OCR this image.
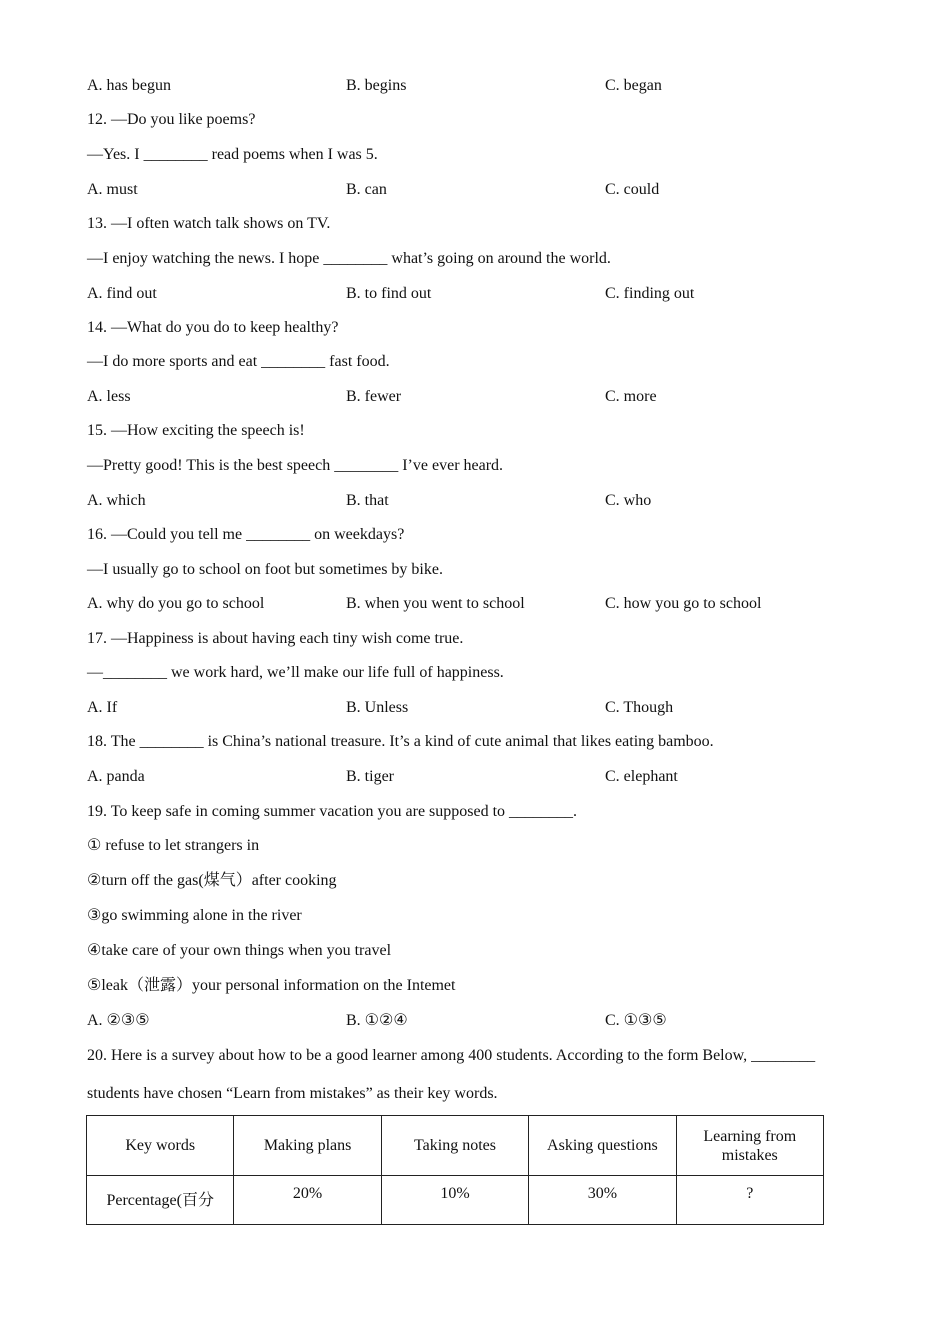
A. has begun	B. begins	C. began
12. —Do you like poems?
—Yes. I ________ read poems when I was 5.
A. must	B. can	C. could
13. —I often watch talk shows on TV.
—I enjoy watching the news. I hope ________ what’s going on around the world.
A. find out	B. to find out	C. finding out
14. —What do you do to keep healthy?
—I do more sports and eat ________ fast food.
A. less	B. fewer	C. more
15. —How exciting the speech is!
—Pretty good! This is the best speech ________ I’ve ever heard.
A. which	B. that	C. who
16. —Could you tell me ________ on weekdays?
—I usually go to school on foot but sometimes by bike.
A. why do you go to school	B. when you went to school	C. how you go to school
17. —Happiness is about having each tiny wish come true.
—________ we work hard, we’ll make our life full of happiness.
A. If	B. Unless	C. Though
18. The ________ is China’s national treasure. It’s a kind of cute animal that likes eating bamboo.
A. panda	B. tiger	C. elephant
19. To keep safe in coming summer vacation you are supposed to ________.
① refuse to let strangers in
②turn off the gas(煤气）after cooking
③go swimming alone in the river
④take care of your own things when you travel
⑤leak（泄露）your personal information on the Intemet
A. ②③⑤	B. ①②④	C. ①③⑤
20. Here is a survey about how to be a good learner among 400 students. According to the form Below, ________
students have chosen “Learn from mistakes” as their key words.
Key words	Making plans	Taking notes	Asking questions	Learning from mistakes
Percentage(百分	20%	10%	30%	?
